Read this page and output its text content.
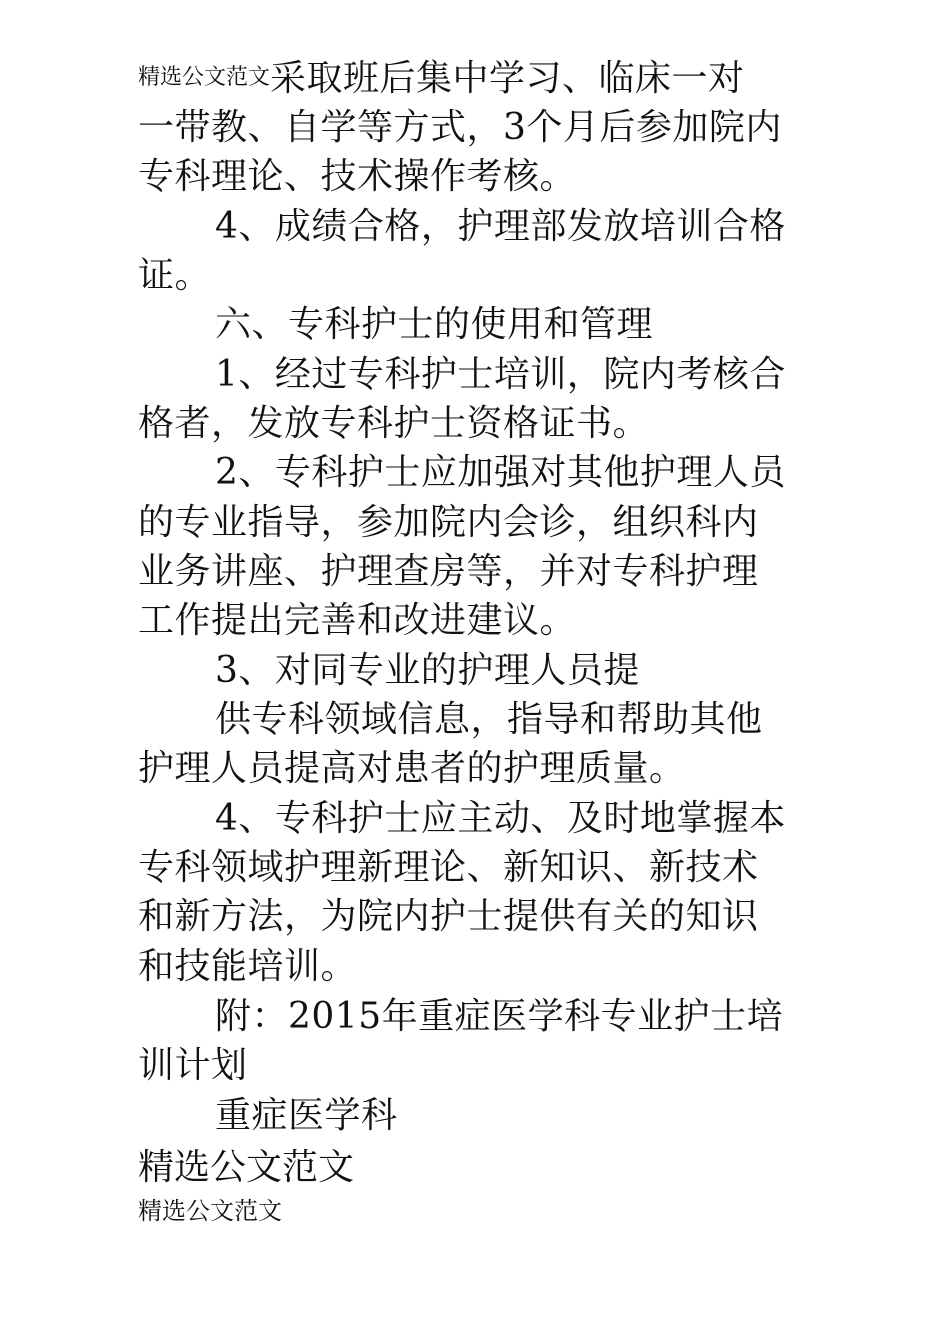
精选公文范文采取班后集中学习、临床一对
一带教、自学等方式，3个月后参加院内
专科理论、技术操作考核。
4、成绩合格，护理部发放培训合格
证。
六、专科护士的使用和管理
1、经过专科护士培训，院内考核合
格者，发放专科护士资格证书。
2、专科护士应加强对其他护理人员
的专业指导，参加院内会诊，组织科内
业务讲座、护理查房等，并对专科护理
工作提出完善和改进建议。
3、对同专业的护理人员提
供专科领域信息，指导和帮助其他
护理人员提高对患者的护理质量。
4、专科护士应主动、及时地掌握本
专科领域护理新理论、新知识、新技术
和新方法，为院内护士提供有关的知识
和技能培训。
附：2015年重症医学科专业护士培
训计划
重症医学科
精选公文范文
精选公文范文
